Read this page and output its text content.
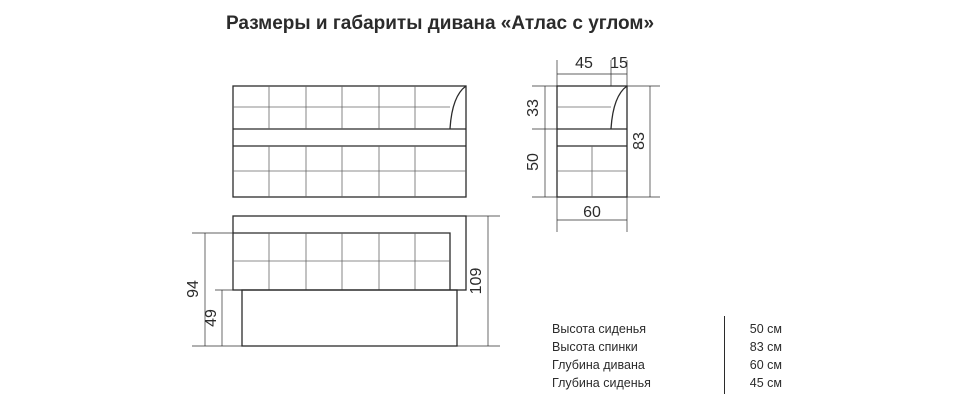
Размеры и габариты дивана «Атлас с углом»
45 15
33
50
83
60
94
49
109
Высота сиденья	50 см
Высота спинки	83 см
Глубина дивана	60 см
Глубина сиденья	45 см
